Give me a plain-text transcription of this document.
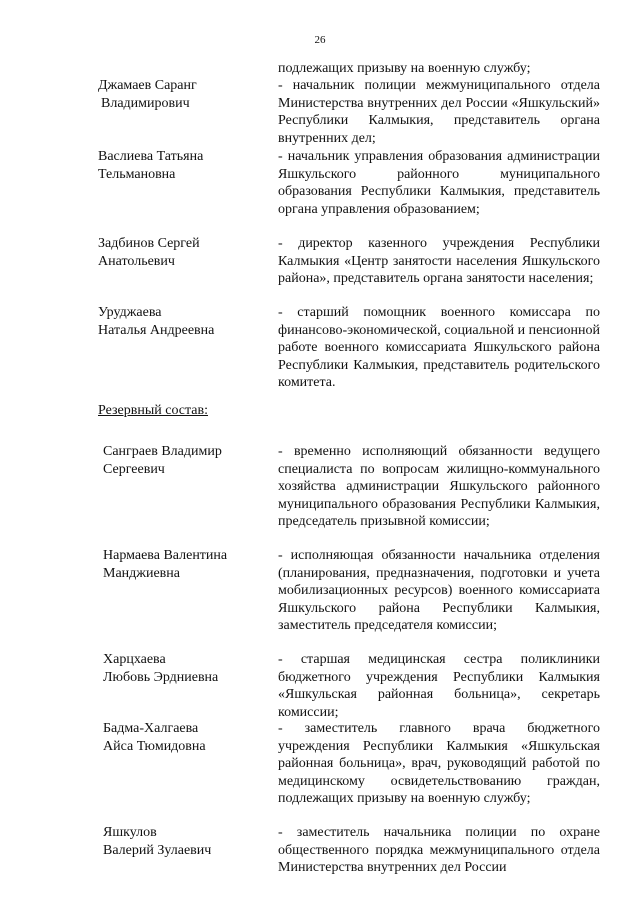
26
подлежащих призыву на военную службу;
Джамаев Саранг
Владимирович
- начальник полиции межмуниципального отдела Министерства внутренних дел России «Яшкульский» Республики Калмыкия, представитель органа внутренних дел;
Васлиева Татьяна
Тельмановна
- начальник управления образования администрации Яшкульского районного муниципального образования Республики Калмыкия, представитель органа управления образованием;
Задбинов Сергей
Анатольевич
- директор казенного учреждения Республики Калмыкия «Центр занятости населения Яшкульского района», представитель органа занятости населения;
Уруджаева
Наталья Андреевна
- старший помощник военного комиссара по финансово-экономической, социальной и пенсионной работе военного комиссариата Яшкульского района Республики Калмыкия, представитель родительского комитета.
Резервный состав:
Санграев Владимир
Сергеевич
- временно исполняющий обязанности ведущего специалиста по вопросам жилищно-коммунального хозяйства администрации Яшкульского районного муниципального образования Республики Калмыкия, председатель призывной комиссии;
Нармаева Валентина
Манджиевна
- исполняющая обязанности начальника отделения (планирования, предназначения, подготовки и учета мобилизационных ресурсов) военного комиссариата Яшкульского района Республики Калмыкия, заместитель председателя комиссии;
Харцхаева
Любовь Эрдниевна
- старшая медицинская сестра поликлиники бюджетного учреждения Республики Калмыкия «Яшкульская районная больница», секретарь комиссии;
Бадма-Халгаева
Айса Тюмидовна
- заместитель главного врача бюджетного учреждения Республики Калмыкия «Яшкульская районная больница», врач, руководящий работой по медицинскому освидетельствованию граждан, подлежащих призыву на военную службу;
Яшкулов
Валерий Зулаевич
- заместитель начальника полиции по охране общественного порядка межмуниципального отдела Министерства внутренних дел России
